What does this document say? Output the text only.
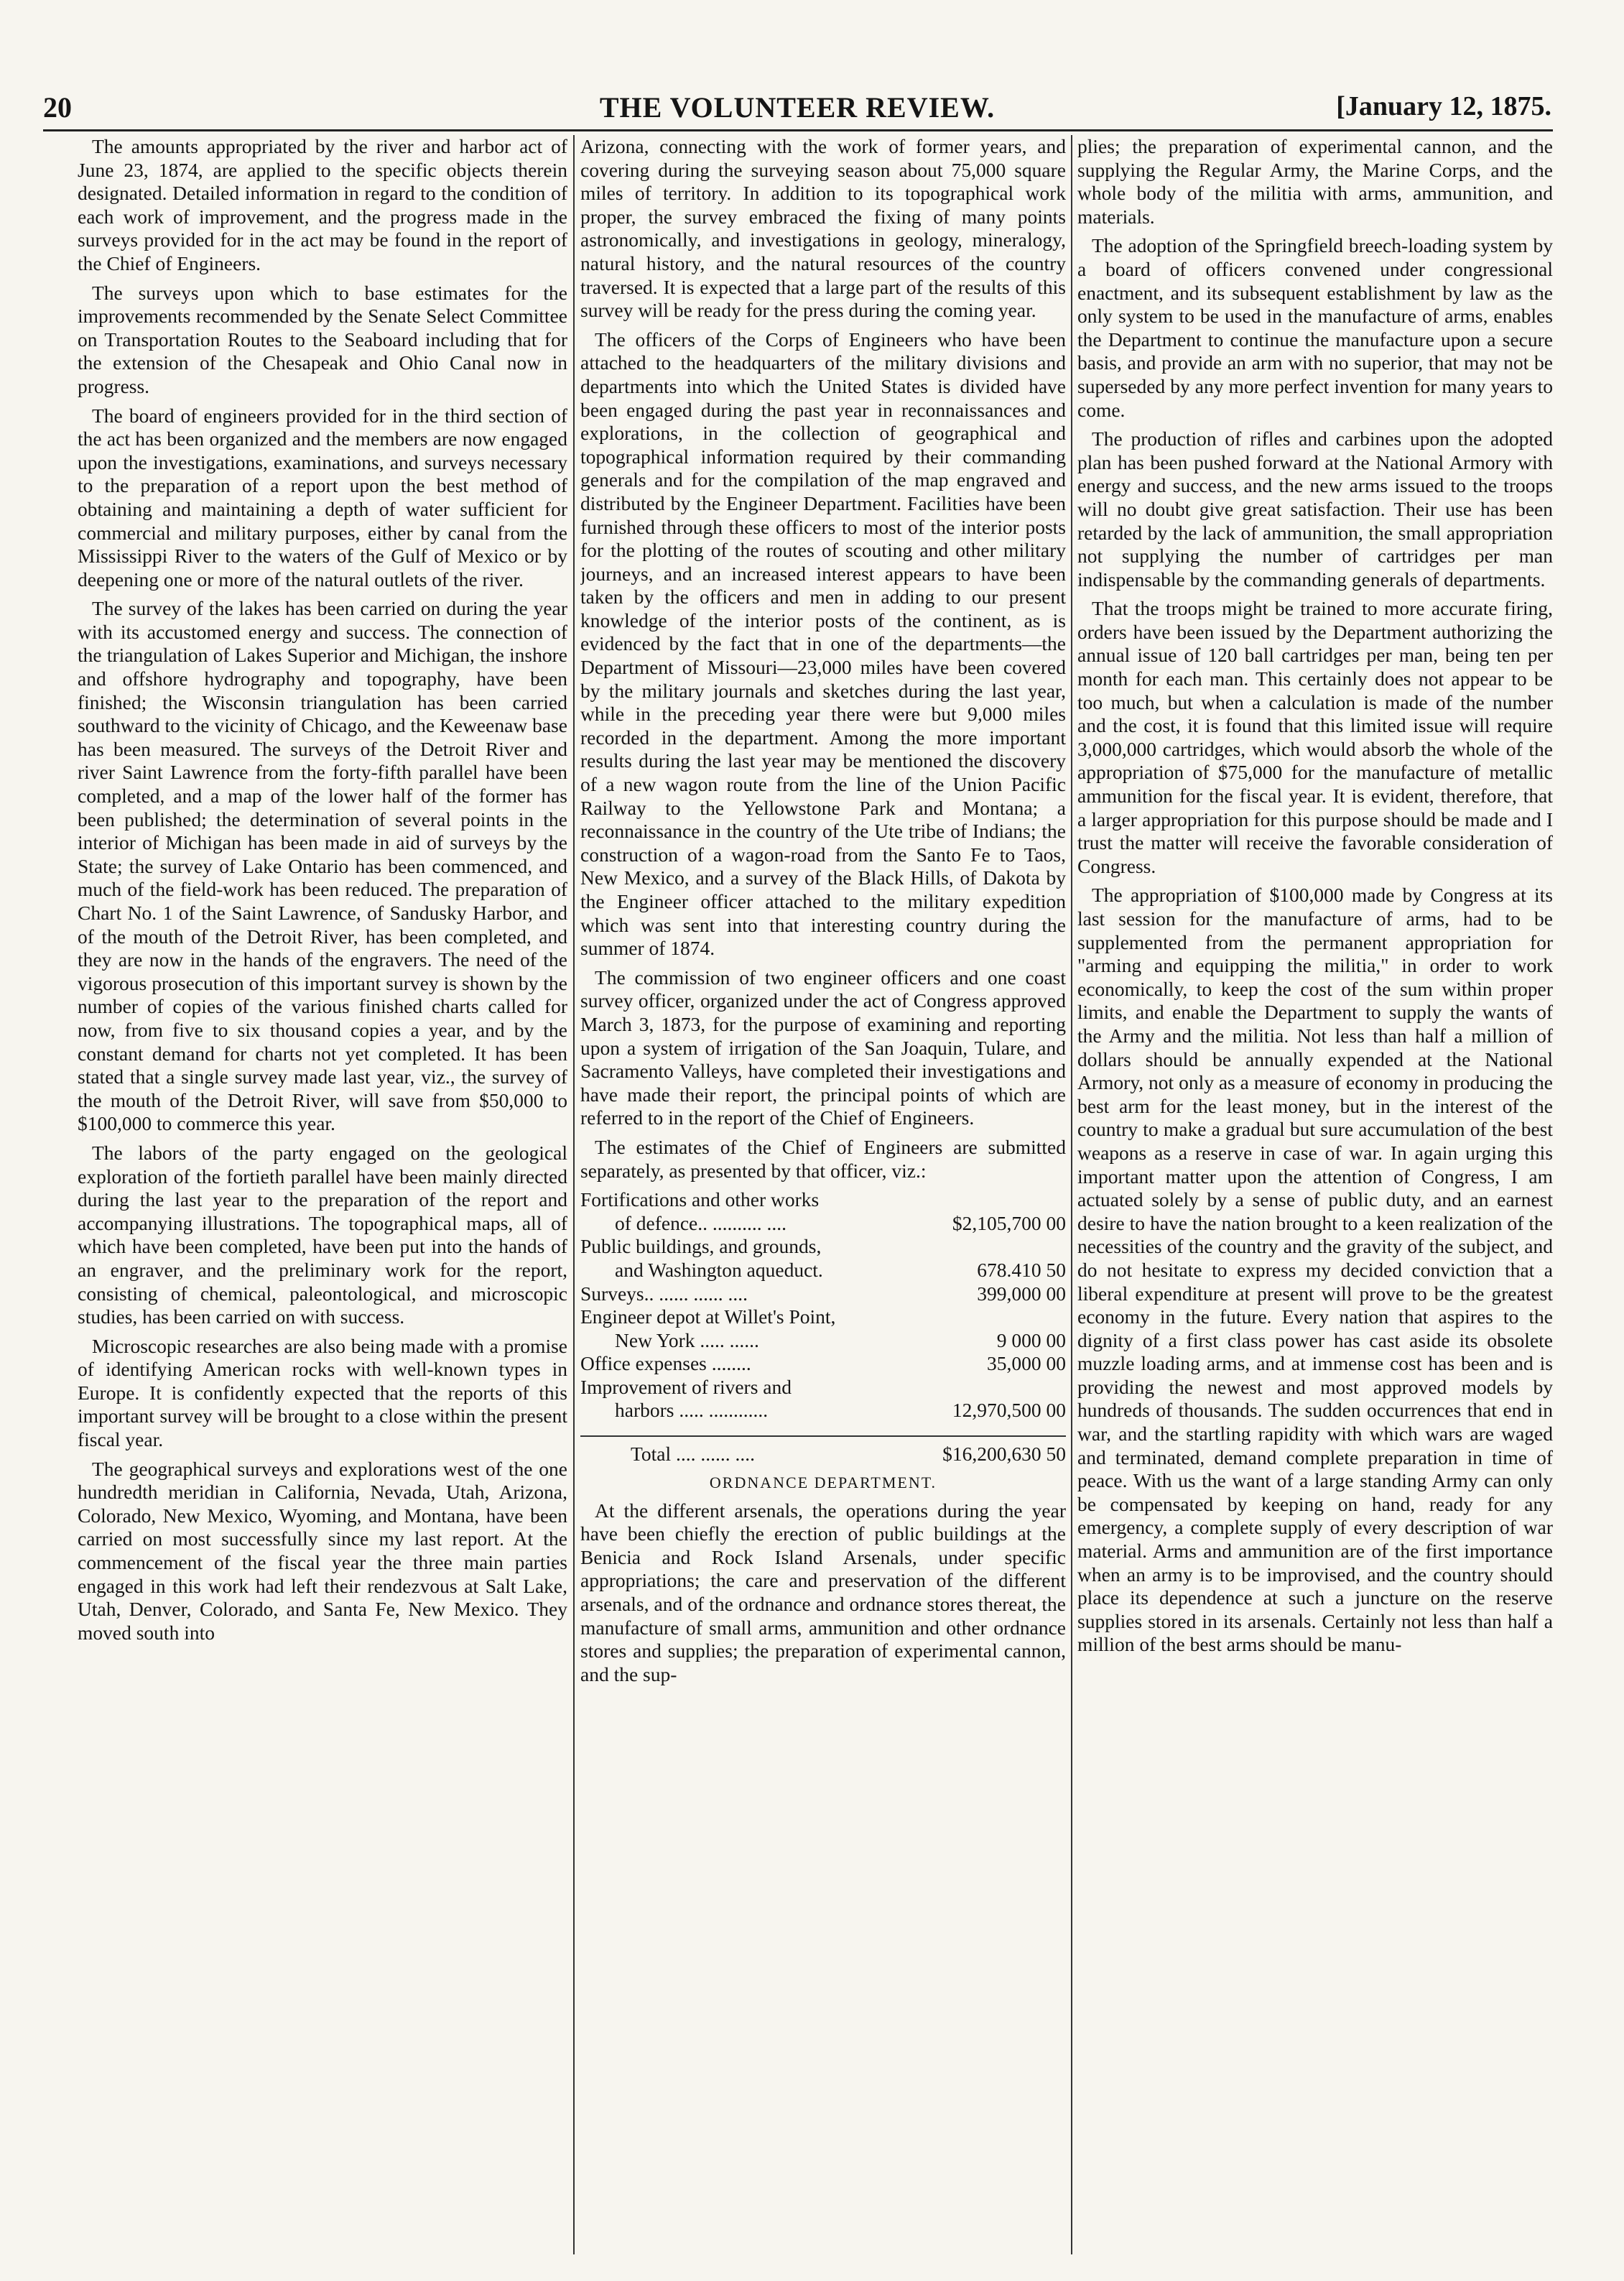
20	THE VOLUNTEER REVIEW.	[January 12, 1875.

The amounts appropriated by the river and harbor act of June 23, 1874, are applied to the specific objects therein designated. Detailed information in regard to the condition of each work of improvement, and the progress made in the surveys provided for in the act may be found in the report of the Chief of Engineers.

The surveys upon which to base estimates for the improvements recommended by the Senate Select Committee on Transportation Routes to the Seaboard including that for the extension of the Chesapeak and Ohio Canal now in progress.

The board of engineers provided for in the third section of the act has been organized and the members are now engaged upon the investigations, examinations, and surveys necessary to the preparation of a report upon the best method of obtaining and maintaining a depth of water sufficient for commercial and military purposes, either by canal from the Mississippi River to the waters of the Gulf of Mexico or by deepening one or more of the natural outlets of the river.

The survey of the lakes has been carried on during the year with its accustomed energy and success. The connection of the triangulation of Lakes Superior and Michigan, the inshore and offshore hydrography and topography, have been finished; the Wisconsin triangulation has been carried southward to the vicinity of Chicago, and the Keweenaw base has been measured. The surveys of the Detroit River and river Saint Lawrence from the forty-fifth parallel have been completed, and a map of the lower half of the former has been published; the determination of several points in the interior of Michigan has been made in aid of surveys by the State; the survey of Lake Ontario has been commenced, and much of the field-work has been reduced. The preparation of Chart No. 1 of the Saint Lawrence, of Sandusky Harbor, and of the mouth of the Detroit River, has been completed, and they are now in the hands of the engravers. The need of the vigorous prosecution of this important survey is shown by the number of copies of the various finished charts called for now, from five to six thousand copies a year, and by the constant demand for charts not yet completed. It has been stated that a single survey made last year, viz., the survey of the mouth of the Detroit River, will save from $50,000 to $100,000 to commerce this year.

The labors of the party engaged on the geological exploration of the fortieth parallel have been mainly directed during the last year to the preparation of the report and accompanying illustrations. The topographical maps, all of which have been completed, have been put into the hands of an engraver, and the preliminary work for the report, consisting of chemical, paleontological, and microscopic studies, has been carried on with success.

Microscopic researches are also being made with a promise of identifying American rocks with well-known types in Europe. It is confidently expected that the reports of this important survey will be brought to a close within the present fiscal year.

The geographical surveys and explorations west of the one hundredth meridian in California, Nevada, Utah, Arizona, Colorado, New Mexico, Wyoming, and Montana, have been carried on most successfully since my last report. At the commencement of the fiscal year the three main parties engaged in this work had left their rendezvous at Salt Lake, Utah, Denver, Colorado, and Santa Fe, New Mexico. They moved south into

Arizona, connecting with the work of former years, and covering during the surveying season about 75,000 square miles of territory. In addition to its topographical work proper, the survey embraced the fixing of many points astronomically, and investigations in geology, mineralogy, natural history, and the natural resources of the country traversed. It is expected that a large part of the results of this survey will be ready for the press during the coming year.

The officers of the Corps of Engineers who have been attached to the headquarters of the military divisions and departments into which the United States is divided have been engaged during the past year in reconnaissances and explorations, in the collection of geographical and topographical information required by their commanding generals and for the compilation of the map engraved and distributed by the Engineer Department. Facilities have been furnished through these officers to most of the interior posts for the plotting of the routes of scouting and other military journeys, and an increased interest appears to have been taken by the officers and men in adding to our present knowledge of the interior posts of the continent, as is evidenced by the fact that in one of the departments—the Department of Missouri—23,000 miles have been covered by the military journals and sketches during the last year, while in the preceding year there were but 9,000 miles recorded in the department. Among the more important results during the last year may be mentioned the discovery of a new wagon route from the line of the Union Pacific Railway to the Yellowstone Park and Montana; a reconnaissance in the country of the Ute tribe of Indians; the construction of a wagon-road from the Santo Fe to Taos, New Mexico, and a survey of the Black Hills, of Dakota by the Engineer officer attached to the military expedition which was sent into that interesting country during the summer of 1874.

The commission of two engineer officers and one coast survey officer, organized under the act of Congress approved March 3, 1873, for the purpose of examining and reporting upon a system of irrigation of the San Joaquin, Tulare, and Sacramento Valleys, have completed their investigations and have made their report, the principal points of which are referred to in the report of the Chief of Engineers.

The estimates of the Chief of Engineers are submitted separately, as presented by that officer, viz.:

Fortifications and other works
of defence.. .......... ....	$2,105,700 00
Public buildings, and grounds,
and Washington aqueduct.	678.410 50
Surveys.. ...... ...... ....	399,000 00
Engineer depot at Willet's Point,
New York ..... ......	9 000 00
Office expenses ........	35,000 00
Improvement of rivers and
harbors ..... ............	12,970,500 00
Total .... ...... ....	$16,200,630 50
ORDNANCE DEPARTMENT.

At the different arsenals, the operations during the year have been chiefly the erection of public buildings at the Benicia and Rock Island Arsenals, under specific appropriations; the care and preservation of the different arsenals, and of the ordnance and ordnance stores thereat, the manufacture of small arms, ammunition and other ordnance stores and supplies; the preparation of experimental cannon, and the sup-

plies; the preparation of experimental cannon, and the supplying the Regular Army, the Marine Corps, and the whole body of the militia with arms, ammunition, and materials.

The adoption of the Springfield breech-loading system by a board of officers convened under congressional enactment, and its subsequent establishment by law as the only system to be used in the manufacture of arms, enables the Department to continue the manufacture upon a secure basis, and provide an arm with no superior, that may not be superseded by any more perfect invention for many years to come.

The production of rifles and carbines upon the adopted plan has been pushed forward at the National Armory with energy and success, and the new arms issued to the troops will no doubt give great satisfaction. Their use has been retarded by the lack of ammunition, the small appropriation not supplying the number of cartridges per man indispensable by the commanding generals of departments.

That the troops might be trained to more accurate firing, orders have been issued by the Department authorizing the annual issue of 120 ball cartridges per man, being ten per month for each man. This certainly does not appear to be too much, but when a calculation is made of the number and the cost, it is found that this limited issue will require 3,000,000 cartridges, which would absorb the whole of the appropriation of $75,000 for the manufacture of metallic ammunition for the fiscal year. It is evident, therefore, that a larger appropriation for this purpose should be made and I trust the matter will receive the favorable consideration of Congress.

The appropriation of $100,000 made by Congress at its last session for the manufacture of arms, had to be supplemented from the permanent appropriation for "arming and equipping the militia," in order to work economically, to keep the cost of the sum within proper limits, and enable the Department to supply the wants of the Army and the militia. Not less than half a million of dollars should be annually expended at the National Armory, not only as a measure of economy in producing the best arm for the least money, but in the interest of the country to make a gradual but sure accumulation of the best weapons as a reserve in case of war. In again urging this important matter upon the attention of Congress, I am actuated solely by a sense of public duty, and an earnest desire to have the nation brought to a keen realization of the necessities of the country and the gravity of the subject, and do not hesitate to express my decided conviction that a liberal expenditure at present will prove to be the greatest economy in the future. Every nation that aspires to the dignity of a first class power has cast aside its obsolete muzzle loading arms, and at immense cost has been and is providing the newest and most approved models by hundreds of thousands. The sudden occurrences that end in war, and the startling rapidity with which wars are waged and terminated, demand complete preparation in time of peace. With us the want of a large standing Army can only be compensated by keeping on hand, ready for any emergency, a complete supply of every description of war material. Arms and ammunition are of the first importance when an army is to be improvised, and the country should place its dependence at such a juncture on the reserve supplies stored in its arsenals. Certainly not less than half a million of the best arms should be manu-
